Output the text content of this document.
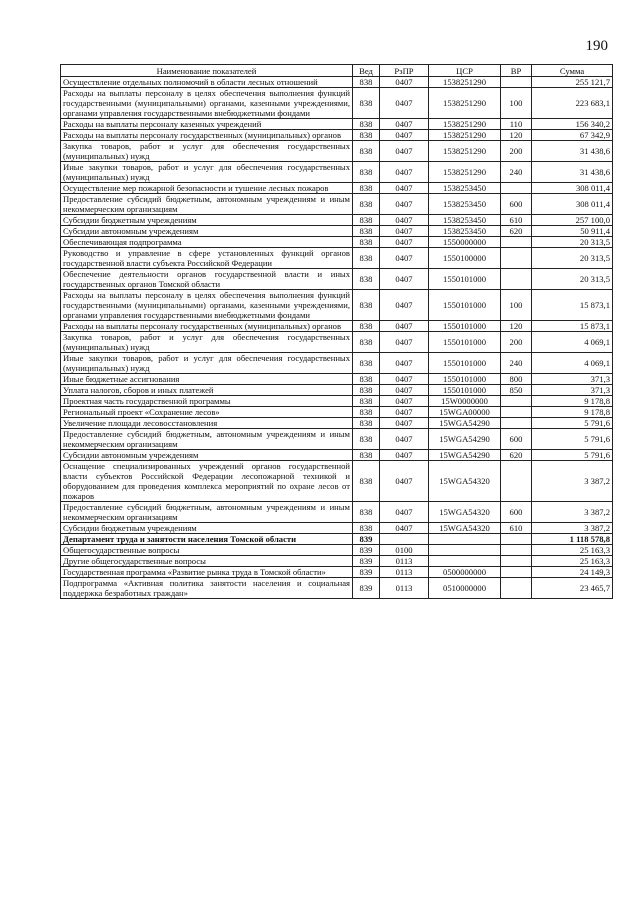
190
Наименование показателей	Вед	РзПР	ЦСР	ВР	Сумма
Осуществление отдельных полномочий в области лесных отношений	838	0407	1538251290		255 121,7
Расходы на выплаты персоналу в целях обеспечения выполнения функций государственными (муниципальными) органами, казенными учреждениями, органами управления государственными внебюджетными фондами	838	0407	1538251290	100	223 683,1
Расходы на выплаты персоналу казенных учреждений	838	0407	1538251290	110	156 340,2
Расходы на выплаты персоналу государственных (муниципальных) органов	838	0407	1538251290	120	67 342,9
Закупка товаров, работ и услуг для обеспечения государственных (муниципальных) нужд	838	0407	1538251290	200	31 438,6
Иные закупки товаров, работ и услуг для обеспечения государственных (муниципальных) нужд	838	0407	1538251290	240	31 438,6
Осуществление мер пожарной безопасности и тушение лесных пожаров	838	0407	1538253450		308 011,4
Предоставление субсидий бюджетным, автономным учреждениям и иным некоммерческим организациям	838	0407	1538253450	600	308 011,4
Субсидии бюджетным учреждениям	838	0407	1538253450	610	257 100,0
Субсидии автономным учреждениям	838	0407	1538253450	620	50 911,4
Обеспечивающая подпрограмма	838	0407	1550000000		20 313,5
Руководство и управление в сфере установленных функций органов государственной власти субъекта Российской Федерации	838	0407	1550100000		20 313,5
Обеспечение деятельности органов государственной власти и иных государственных органов Томской области	838	0407	1550101000		20 313,5
Расходы на выплаты персоналу в целях обеспечения выполнения функций государственными (муниципальными) органами, казенными учреждениями, органами управления государственными внебюджетными фондами	838	0407	1550101000	100	15 873,1
Расходы на выплаты персоналу государственных (муниципальных) органов	838	0407	1550101000	120	15 873,1
Закупка товаров, работ и услуг для обеспечения государственных (муниципальных) нужд	838	0407	1550101000	200	4 069,1
Иные закупки товаров, работ и услуг для обеспечения государственных (муниципальных) нужд	838	0407	1550101000	240	4 069,1
Иные бюджетные ассигнования	838	0407	1550101000	800	371,3
Уплата налогов, сборов и иных платежей	838	0407	1550101000	850	371,3
Проектная часть государственной программы	838	0407	15W0000000		9 178,8
Региональный проект «Сохранение лесов»	838	0407	15WGA00000		9 178,8
Увеличение площади лесовосстановления	838	0407	15WGA54290		5 791,6
Предоставление субсидий бюджетным, автономным учреждениям и иным некоммерческим организациям	838	0407	15WGA54290	600	5 791,6
Субсидии автономным учреждениям	838	0407	15WGA54290	620	5 791,6
Оснащение специализированных учреждений органов государственной власти субъектов Российской Федерации лесопожарной техникой и оборудованием для проведения комплекса мероприятий по охране лесов от пожаров	838	0407	15WGA54320		3 387,2
Предоставление субсидий бюджетным, автономным учреждениям и иным некоммерческим организациям	838	0407	15WGA54320	600	3 387,2
Субсидии бюджетным учреждениям	838	0407	15WGA54320	610	3 387,2
Департамент труда и занятости населения Томской области	839				1 118 578,8
Общегосударственные вопросы	839	0100			25 163,3
Другие общегосударственные вопросы	839	0113			25 163,3
Государственная программа «Развитие рынка труда в Томской области»	839	0113	0500000000		24 149,3
Подпрограмма «Активная политика занятости населения и социальная поддержка безработных граждан»	839	0113	0510000000		23 465,7
